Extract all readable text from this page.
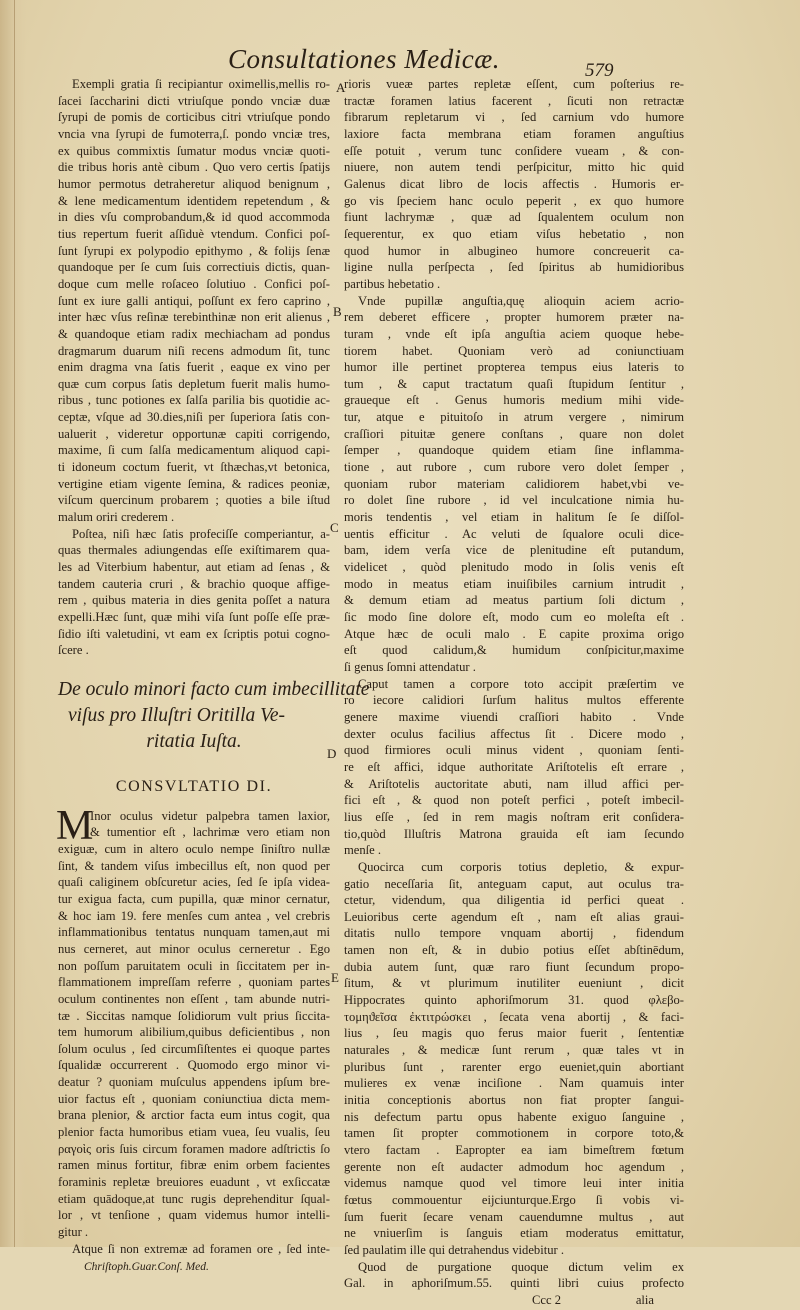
Consultationes Medicæ.	579
A
B
C
D
E
Exempli gratia ſi recipiantur oximellis,mellis ro-
ſacei ſaccharini dicti vtriuſque pondo vnciæ duæ
ſyrupi de pomis de corticibus citri vtriuſque pondo
vncia vna ſyrupi de fumoterra,ſ. pondo vnciæ tres,
ex quibus commixtis ſumatur modus vnciæ quoti-
die tribus horis antè cibum . Quo vero certis ſpatijs
humor permotus detraheretur aliquod benignum ,
& lene medicamentum identidem repetendum , &
in dies vſu comprobandum,& id quod accommoda
tius repertum fuerit aſſiduè vtendum. Confici poſ-
ſunt ſyrupi ex polypodio epithymo , & folijs ſenæ
quandoque per ſe cum ſuis correctiuis dictis, quan-
doque cum melle roſaceo ſolutiuo . Confici poſ-
ſunt ex iure galli antiqui, poſſunt ex fero caprino ,
inter hæc vſus reſinæ terebinthinæ non erit alienus ,
& quandoque etiam radix mechiacham ad pondus
dragmarum duarum niſi recens admodum ſit, tunc
enim dragma vna ſatis fuerit , eaque ex vino per
quæ cum corpus ſatis depletum fuerit malis humo-
ribus , tunc potiones ex ſalſa parilia bis quotidie ac-
ceptæ, vſque ad 30.dies,niſi per ſuperiora ſatis con-
ualuerit , videretur opportunæ capiti corrigendo,
maxime, ſi cum ſalſa medicamentum aliquod capi-
ti idoneum coctum fuerit, vt ſthæchas,vt betonica,
vertigine etiam vigente ſemina, & radices peoniæ,
viſcum quercinum probarem ; quoties a bile iſtud
malum oriri crederem .
Poſtea, niſi hæc ſatis profeciſſe comperiantur, a-
quas thermales adiungendas eſſe exiſtimarem qua-
les ad Viterbium habentur, aut etiam ad ſenas , &
tandem cauteria cruri , & brachio quoque affige-
rem , quibus materia in dies genita poſſet a natura
expelli.Hæc ſunt, quæ mihi viſa ſunt poſſe eſſe præ-
ſidio iſti valetudini, vt eam ex ſcriptis potui cogno-
ſcere .
De oculo minori facto cum imbecillitate
viſus pro Illuſtri Oritilla Ve-
ritatia Iuſta.
CONSVLTATIO DI.
M
Inor oculus videtur palpebra tamen laxior,
& tumentior eſt , lachrimæ vero etiam non
exiguæ, cum in altero oculo nempe ſiniſtro nullæ
ſint, & tandem viſus imbecillus eſt, non quod per
quaſi caliginem obſcuretur acies, ſed ſe ipſa videa-
tur exigua facta, cum pupilla, quæ minor cernatur,
& hoc iam 19. fere menſes cum antea , vel crebris
inflammationibus tentatus nunquam tamen,aut mi
nus cerneret, aut minor oculus cerneretur . Ego
non poſſum paruitatem oculi in ſiccitatem per in-
flammationem impreſſam referre , quoniam partes
oculum continentes non eſſent , tam abunde nutri-
tæ . Siccitas namque ſolidiorum vult prius ſiccita-
tem humorum alibilium,quibus deficientibus , non
ſolum oculus , ſed circumſiſtentes ei quoque partes
ſqualidæ occurrerent . Quomodo ergo minor vi-
deatur ? quoniam muſculus appendens ipſum bre-
uior factus eſt , quoniam coniunctiua dicta mem-
brana plenior, & arctior facta eum intus cogit, qua
plenior facta humoribus etiam vuea, ſeu vualis, ſeu
ραγοὶς oris ſuis circum foramen madore adſtrictis ſo
ramen minus fortitur, fibræ enim orbem facientes
foraminis repletæ breuiores euadunt , vt exſiccatæ
etiam quādoque,at tunc rugis deprehenditur ſqual-
lor , vt tenſione , quam videmus humor intelli-
gitur .
Atque ſi non extremæ ad foramen ore , ſed inte-
Chriſtoph.Guar.Conſ. Med.
rioris vueæ partes repletæ eſſent, cum poſterius re-
tractæ foramen latius facerent , ſicuti non retractæ
fibrarum repletarum vi , ſed carnium vdo humore
laxiore facta membrana etiam foramen anguſtius
eſſe potuit , verum tunc conſidere vueam , & con-
niuere, non autem tendi perſpicitur, mitto hic quid
Galenus dicat libro de locis affectis . Humoris er-
go vis ſpeciem hanc oculo peperit , ex quo humore
fiunt lachrymæ , quæ ad ſqualentem oculum non
ſequerentur, ex quo etiam viſus hebetatio , non
quod humor in albugineo humore concreuerit ca-
ligine nulla perſpecta , ſed ſpiritus ab humidioribus
partibus hebetatio .
Vnde pupillæ anguſtia,quę alioquin aciem acrio-
rem deberet efficere , propter humorem præter na-
turam , vnde eſt ipſa anguſtia aciem quoque hebe-
tiorem habet. Quoniam verò ad coniunctiuam
humor ille pertinet propterea tempus eius lateris to
tum , & caput tractatum quaſi ſtupidum ſentitur ,
graueque eſt . Genus humoris medium mihi vide-
tur, atque e pituitoſo in atrum vergere , nimirum
craſſiori pituitæ genere conſtans , quare non dolet
ſemper , quandoque quidem etiam ſine inflamma-
tione , aut rubore , cum rubore vero dolet ſemper ,
quoniam rubor materiam calidiorem habet,vbi ve-
ro dolet ſine rubore , id vel inculcatione nimia hu-
moris tendentis , vel etiam in halitum ſe ſe diſſol-
uentis efficitur . Ac veluti de ſqualore oculi dice-
bam, idem verſa vice de plenitudine eſt putandum,
videlicet , quòd plenitudo modo in ſolis venis eſt
modo in meatus etiam inuiſibiles carnium intrudit ,
& demum etiam ad meatus partium ſoli dictum ,
ſic modo ſine dolore eſt, modo cum eo moleſta eſt .
Atque hæc de oculi malo . E capite proxima origo
eſt quod calidum,& humidum conſpicitur,maxime
ſi genus ſomni attendatur .
Caput tamen a corpore toto accipit præſertim ve
ro iecore calidiori ſurſum halitus multos efferente
genere maxime viuendi craſſiori habito . Vnde
dexter oculus facilius affectus ſit . Dicere modo ,
quod firmiores oculi minus vident , quoniam ſenti-
re eſt affici, idque authoritate Ariſtotelis eſt errare ,
& Ariſtotelis auctoritate abuti, nam illud affici per-
fici eſt , & quod non poteſt perfici , poteſt imbecil-
lius eſſe , ſed in rem magis noſtram erit conſidera-
tio,quòd Illuſtris Matrona grauida eſt iam ſecundo
menſe .
Quocirca cum corporis totius depletio, & expur-
gatio neceſſaria ſit, anteguam caput, aut oculus tra-
ctetur, videndum, qua diligentia id perfici queat .
Leuioribus certe agendum eſt , nam eſt alias graui-
ditatis nullo tempore vnquam abortij , fidendum
tamen non eſt, & in dubio potius eſſet abſtinēdum,
dubia autem ſunt, quæ raro fiunt ſecundum propo-
ſitum, & vt plurimum inutiliter eueniunt , dicit
Hippocrates quinto aphoriſmorum 31. quod φλεβο-
τομηϑεῖσα ἐκτιτρώσκει , ſecata vena abortij , & faci-
lius , ſeu magis quo ferus maior fuerit , ſententiæ
naturales , & medicæ ſunt rerum , quæ tales vt in
pluribus ſunt , rarenter ergo eueniet,quin abortiant
mulieres ex venæ inciſione . Nam quamuis inter
initia conceptionis abortus non fiat propter ſangui-
nis defectum partu opus habente exiguo ſanguine ,
tamen ſit propter commotionem in corpore toto,&
vtero factam . Eapropter ea iam bimeſtrem fœtum
gerente non eſt audacter admodum hoc agendum ,
videmus namque quod vel timore leui inter initia
fœtus commouentur eijciunturque.Ergo ſi vobis vi-
ſum fuerit ſecare venam cauendumne multus , aut
ne vniuerſim is ſanguis etiam moderatus emittatur,
ſed paulatim ille qui detrahendus videbitur .
Quod de purgatione quoque dictum velim ex
Gal. in aphoriſmum.55. quinti libri cuius profecto
Ccc 2	alia
